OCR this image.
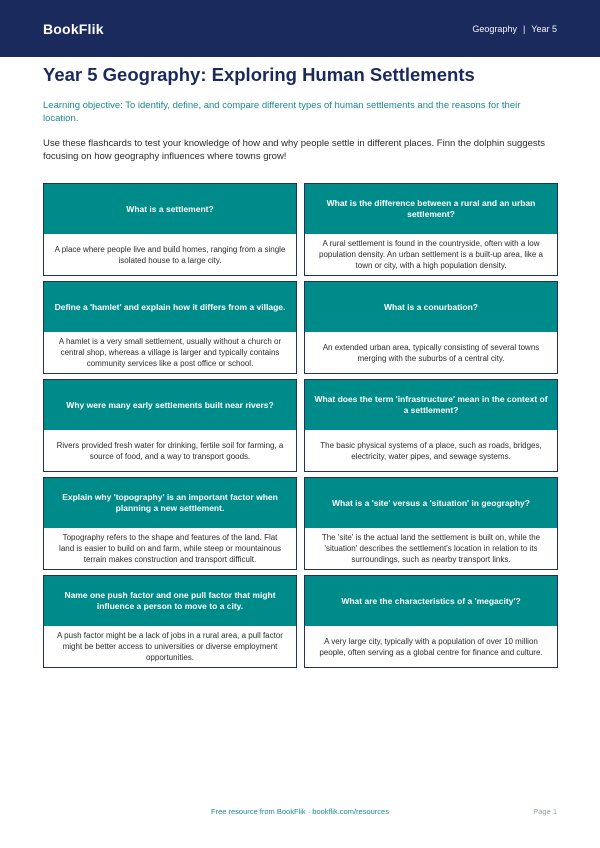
BookFlik	Geography | Year 5
Year 5 Geography: Exploring Human Settlements

Learning objective: To identify, define, and compare different types of human settlements and the reasons for their location.

Use these flashcards to test your knowledge of how and why people settle in different places. Finn the dolphin suggests focusing on how geography influences where towns grow!

What is a settlement?
A place where people live and build homes, ranging from a single isolated house to a large city.
What is the difference between a rural and an urban settlement?
A rural settlement is found in the countryside, often with a low population density. An urban settlement is a built-up area, like a town or city, with a high population density.
Define a 'hamlet' and explain how it differs from a village.
A hamlet is a very small settlement, usually without a church or central shop, whereas a village is larger and typically contains community services like a post office or school.
What is a conurbation?
An extended urban area, typically consisting of several towns merging with the suburbs of a central city.
Why were many early settlements built near rivers?
Rivers provided fresh water for drinking, fertile soil for farming, a source of food, and a way to transport goods.
What does the term 'infrastructure' mean in the context of a settlement?
The basic physical systems of a place, such as roads, bridges, electricity, water pipes, and sewage systems.
Explain why 'topography' is an important factor when planning a new settlement.
Topography refers to the shape and features of the land. Flat land is easier to build on and farm, while steep or mountainous terrain makes construction and transport difficult.
What is a 'site' versus a 'situation' in geography?
The 'site' is the actual land the settlement is built on, while the 'situation' describes the settlement's location in relation to its surroundings, such as nearby transport links.
Name one push factor and one pull factor that might influence a person to move to a city.
A push factor might be a lack of jobs in a rural area, a pull factor might be better access to universities or diverse employment opportunities.
What are the characteristics of a 'megacity'?
A very large city, typically with a population of over 10 million people, often serving as a global centre for finance and culture.
Free resource from BookFlik · bookflik.com/resources	Page 1
